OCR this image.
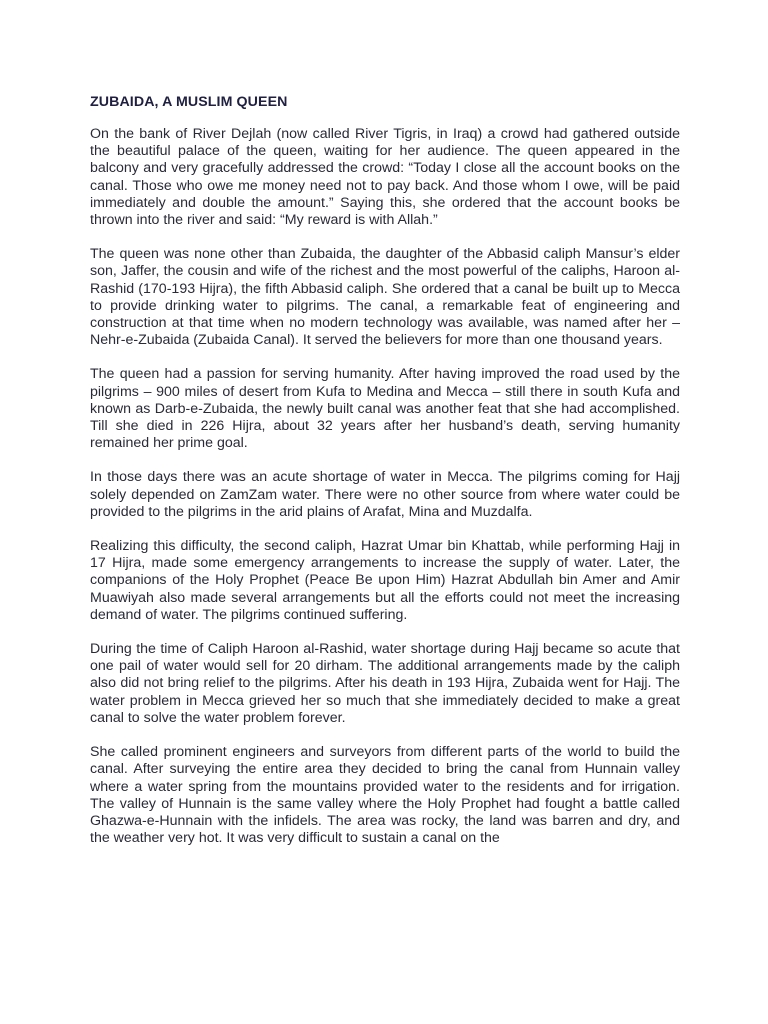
ZUBAIDA, A MUSLIM QUEEN

On the bank of River Dejlah (now called River Tigris, in Iraq) a crowd had gathered outside the beautiful palace of the queen, waiting for her audience. The queen appeared in the balcony and very gracefully addressed the crowd: “Today I close all the account books on the canal. Those who owe me money need not to pay back. And those whom I owe, will be paid immediately and double the amount.” Saying this, she ordered that the account books be thrown into the river and said: “My reward is with Allah.”

The queen was none other than Zubaida, the daughter of the Abbasid caliph Mansur’s elder son, Jaffer, the cousin and wife of the richest and the most powerful of the caliphs, Haroon al-Rashid (170-193 Hijra), the fifth Abbasid caliph. She ordered that a canal be built up to Mecca to provide drinking water to pilgrims. The canal, a remarkable feat of engineering and construction at that time when no modern technology was available, was named after her – Nehr-e-Zubaida (Zubaida Canal). It served the believers for more than one thousand years.

The queen had a passion for serving humanity. After having improved the road used by the pilgrims – 900 miles of desert from Kufa to Medina and Mecca – still there in south Kufa and known as Darb-e-Zubaida, the newly built canal was another feat that she had accomplished. Till she died in 226 Hijra, about 32 years after her husband’s death, serving humanity remained her prime goal.

In those days there was an acute shortage of water in Mecca. The pilgrims coming for Hajj solely depended on ZamZam water. There were no other source from where water could be provided to the pilgrims in the arid plains of Arafat, Mina and Muzdalfa.

Realizing this difficulty, the second caliph, Hazrat Umar bin Khattab, while performing Hajj in 17 Hijra, made some emergency arrangements to increase the supply of water. Later, the companions of the Holy Prophet (Peace Be upon Him) Hazrat Abdullah bin Amer and Amir Muawiyah also made several arrangements but all the efforts could not meet the increasing demand of water. The pilgrims continued suffering.

During the time of Caliph Haroon al-Rashid, water shortage during Hajj became so acute that one pail of water would sell for 20 dirham. The additional arrangements made by the caliph also did not bring relief to the pilgrims. After his death in 193 Hijra, Zubaida went for Hajj. The water problem in Mecca grieved her so much that she immediately decided to make a great canal to solve the water problem forever.

She called prominent engineers and surveyors from different parts of the world to build the canal. After surveying the entire area they decided to bring the canal from Hunnain valley where a water spring from the mountains provided water to the residents and for irrigation. The valley of Hunnain is the same valley where the Holy Prophet had fought a battle called Ghazwa-e-Hunnain with the infidels. The area was rocky, the land was barren and dry, and the weather very hot. It was very difficult to sustain a canal on the
